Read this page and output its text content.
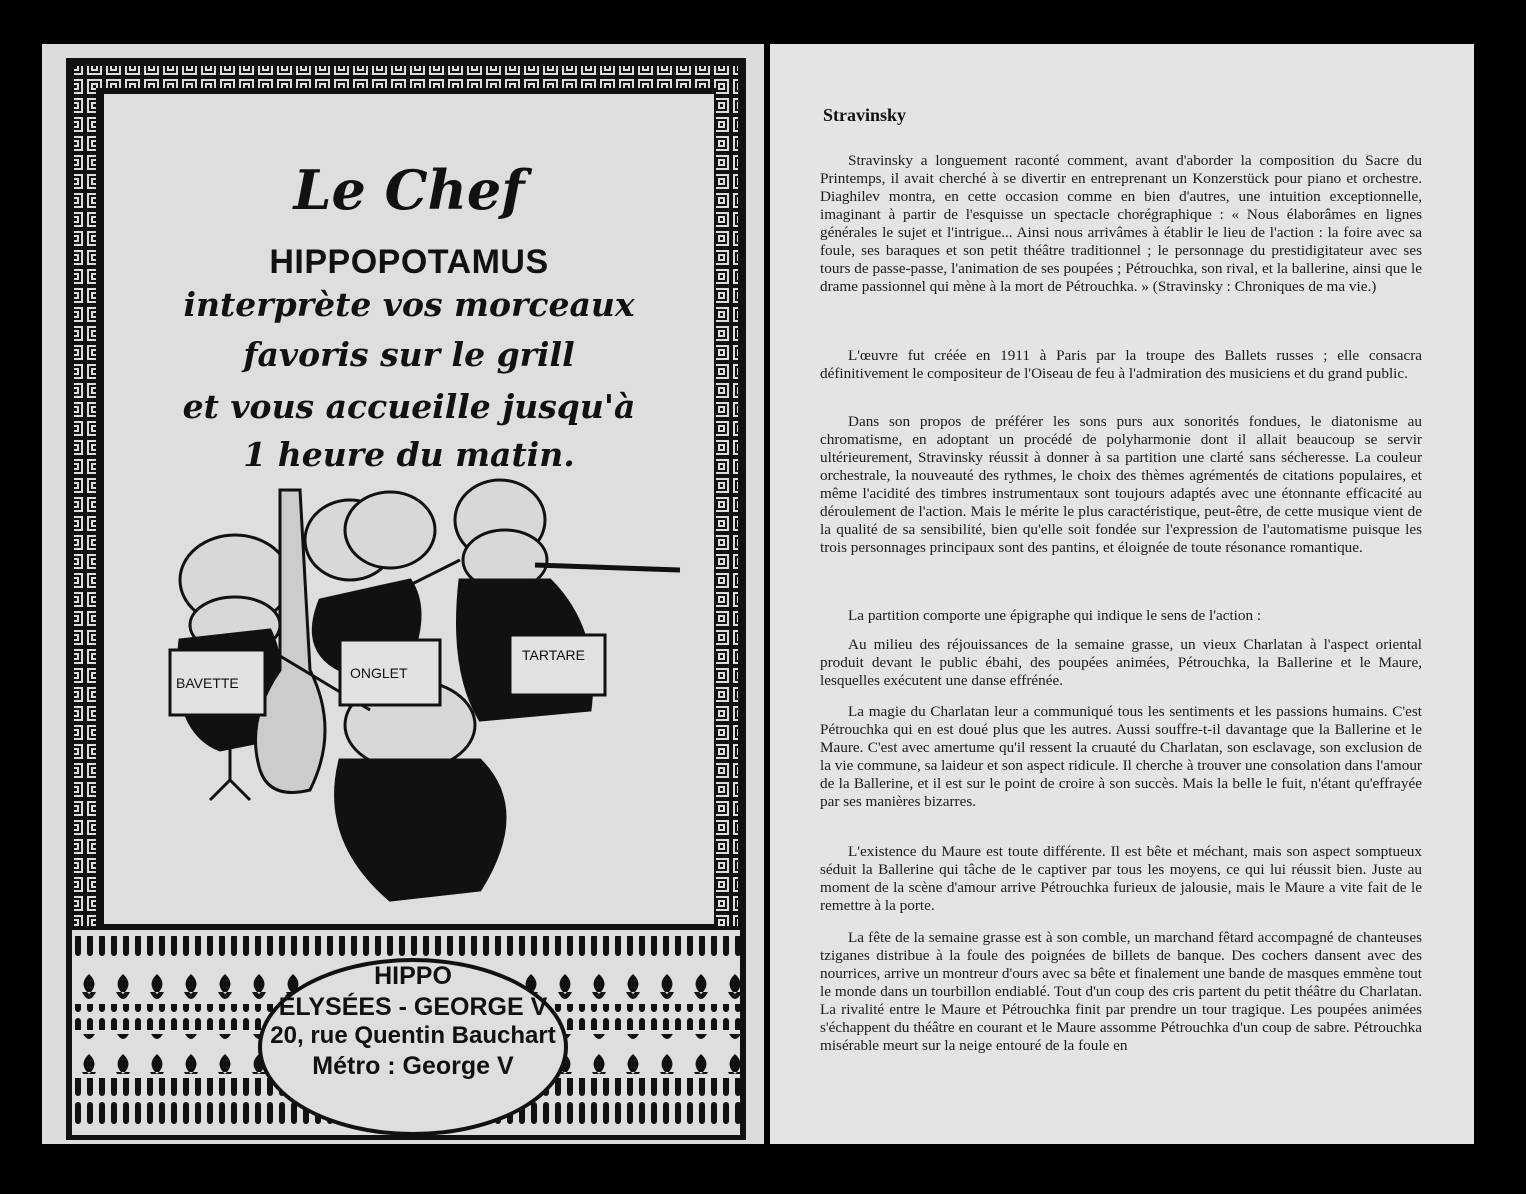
Le Chef
HIPPOPOTAMUS
interprète vos morceaux
favoris sur le grill
et vous accueille jusqu'à
1 heure du matin.
BAVETTE
ONGLET
TARTARE
HIPPO
ÉLYSÉES - GEORGE V
20, rue Quentin Bauchart
Métro : George V
Stravinsky

Stravinsky a longuement raconté comment, avant d'aborder la composition du Sacre du Printemps, il avait cherché à se divertir en entreprenant un Konzerstück pour piano et orchestre. Diaghilev montra, en cette occasion comme en bien d'autres, une intuition exceptionnelle, imaginant à partir de l'esquisse un spectacle chorégraphique : « Nous élaborâmes en lignes générales le sujet et l'intrigue... Ainsi nous arrivâmes à établir le lieu de l'action : la foire avec sa foule, ses baraques et son petit théâtre traditionnel ; le personnage du prestidigitateur avec ses tours de passe-passe, l'animation de ses poupées ; Pétrouchka, son rival, et la ballerine, ainsi que le drame passionnel qui mène à la mort de Pétrouchka. » (Stravinsky : Chroniques de ma vie.)

L'œuvre fut créée en 1911 à Paris par la troupe des Ballets russes ; elle consacra définitivement le compositeur de l'Oiseau de feu à l'admiration des musiciens et du grand public.

Dans son propos de préférer les sons purs aux sonorités fondues, le diatonisme au chromatisme, en adoptant un procédé de polyharmonie dont il allait beaucoup se servir ultérieurement, Stravinsky réussit à donner à sa partition une clarté sans sécheresse. La couleur orchestrale, la nouveauté des rythmes, le choix des thèmes agrémentés de citations populaires, et même l'acidité des timbres instrumentaux sont toujours adaptés avec une étonnante efficacité au déroulement de l'action. Mais le mérite le plus caractéristique, peut-être, de cette musique vient de la qualité de sa sensibilité, bien qu'elle soit fondée sur l'expression de l'automatisme puisque les trois personnages principaux sont des pantins, et éloignée de toute résonance romantique.

La partition comporte une épigraphe qui indique le sens de l'action :

Au milieu des réjouissances de la semaine grasse, un vieux Charlatan à l'aspect oriental produit devant le public ébahi, des poupées animées, Pétrouchka, la Ballerine et le Maure, lesquelles exécutent une danse effrénée.

La magie du Charlatan leur a communiqué tous les sentiments et les passions humains. C'est Pétrouchka qui en est doué plus que les autres. Aussi souffre-t-il davantage que la Ballerine et le Maure. C'est avec amertume qu'il ressent la cruauté du Charlatan, son esclavage, son exclusion de la vie commune, sa laideur et son aspect ridicule. Il cherche à trouver une consolation dans l'amour de la Ballerine, et il est sur le point de croire à son succès. Mais la belle le fuit, n'étant qu'effrayée par ses manières bizarres.

L'existence du Maure est toute différente. Il est bête et méchant, mais son aspect somptueux séduit la Ballerine qui tâche de le captiver par tous les moyens, ce qui lui réussit bien. Juste au moment de la scène d'amour arrive Pétrouchka furieux de jalousie, mais le Maure a vite fait de le remettre à la porte.

La fête de la semaine grasse est à son comble, un marchand fêtard accompagné de chanteuses tziganes distribue à la foule des poignées de billets de banque. Des cochers dansent avec des nourrices, arrive un montreur d'ours avec sa bête et finalement une bande de masques emmène tout le monde dans un tourbillon endiablé. Tout d'un coup des cris partent du petit théâtre du Charlatan. La rivalité entre le Maure et Pétrouchka finit par prendre un tour tragique. Les poupées animées s'échappent du théâtre en courant et le Maure assomme Pétrouchka d'un coup de sabre. Pétrouchka misérable meurt sur la neige entouré de la foule en
